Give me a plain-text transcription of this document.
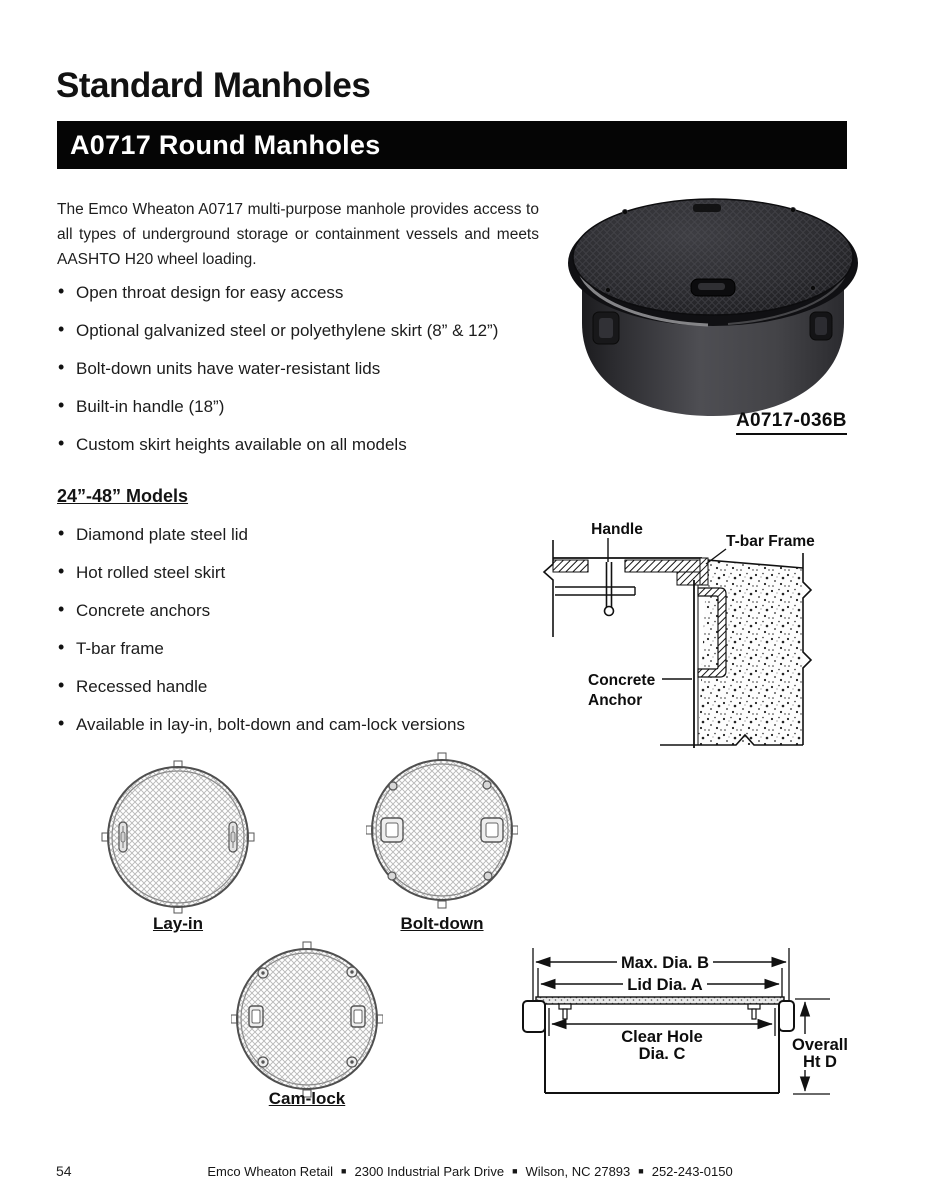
Standard Manholes
A0717 Round Manholes
The Emco Wheaton A0717 multi-purpose manhole provides access to all types of underground storage or containment vessels and meets AASHTO H20 wheel loading.
• Open throat design for easy access
• Optional galvanized steel or polyethylene skirt (8” & 12”)
• Bolt-down units have water-resistant lids
• Built-in handle (18”)
• Custom skirt heights available on all models
24”-48” Models
• Diamond plate steel lid
• Hot rolled steel skirt
• Concrete anchors
• T-bar frame
• Recessed handle
• Available in lay-in, bolt-down and cam-lock versions
A0717-036B
Handle
T-bar Frame
Concrete
Anchor
Lay-in	Bolt-down
Cam-lock
Max. Dia. B
Lid Dia. A
Clear Hole
Dia. C	Overall
Ht D
54	Emco Wheaton Retail ■ 2300 Industrial Park Drive ■ Wilson, NC 27893 ■ 252-243-0150
